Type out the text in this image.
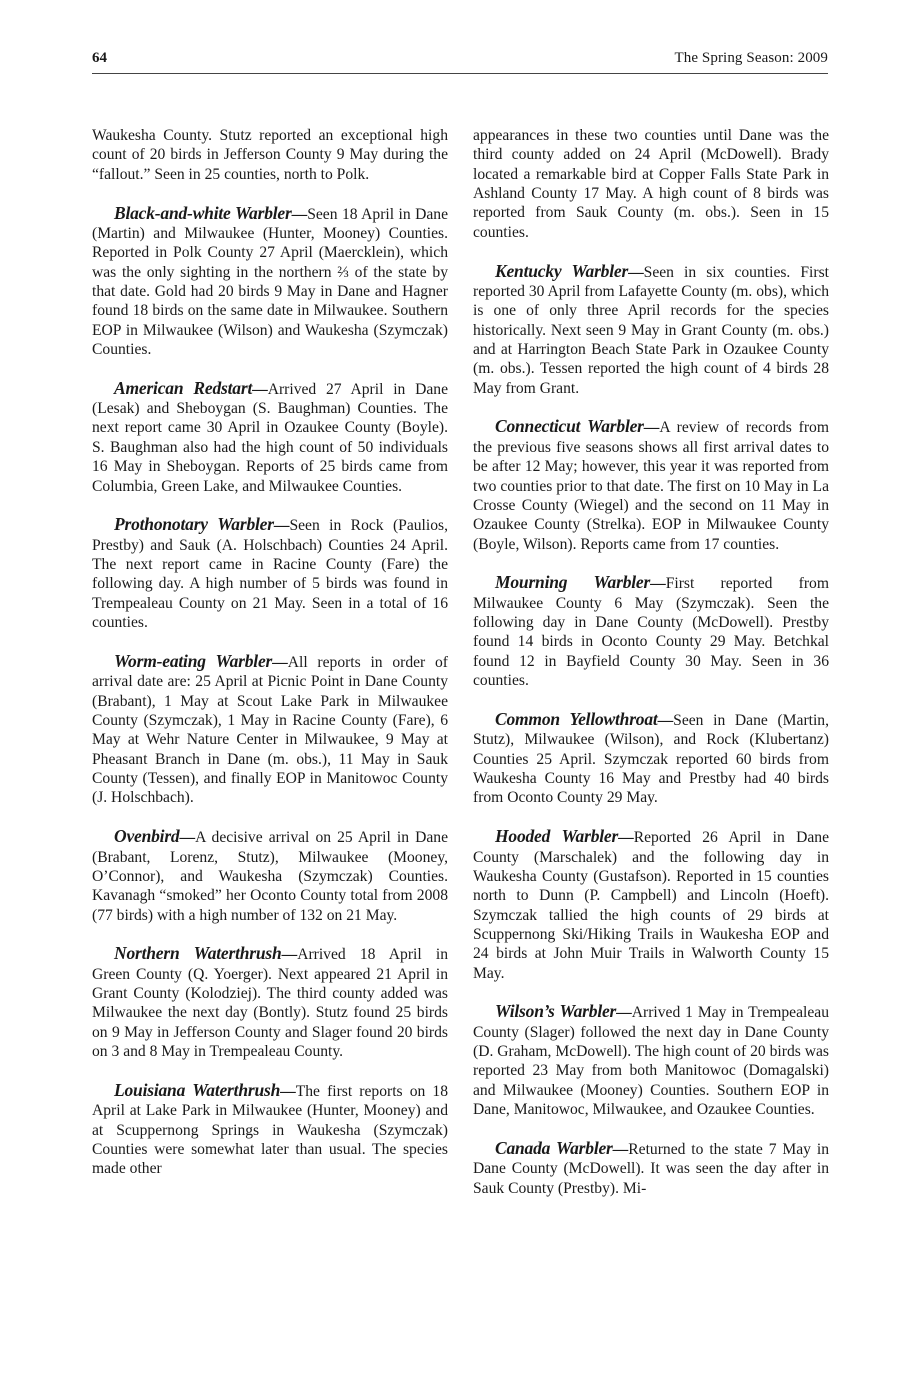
64	The Spring Season: 2009

Waukesha County. Stutz reported an exceptional high count of 20 birds in Jefferson County 9 May during the “fallout.” Seen in 25 counties, north to Polk.

Black-and-white Warbler—Seen 18 April in Dane (Martin) and Milwaukee (Hunter, Mooney) Counties. Reported in Polk County 27 April (Maercklein), which was the only sighting in the northern ⅔ of the state by that date. Gold had 20 birds 9 May in Dane and Hagner found 18 birds on the same date in Milwaukee. Southern EOP in Milwaukee (Wilson) and Waukesha (Szymczak) Counties.

American Redstart—Arrived 27 April in Dane (Lesak) and Sheboygan (S. Baughman) Counties. The next report came 30 April in Ozaukee County (Boyle). S. Baughman also had the high count of 50 individuals 16 May in Sheboygan. Reports of 25 birds came from Columbia, Green Lake, and Milwaukee Counties.

Prothonotary Warbler—Seen in Rock (Paulios, Prestby) and Sauk (A. Holschbach) Counties 24 April. The next report came in Racine County (Fare) the following day. A high number of 5 birds was found in Trempealeau County on 21 May. Seen in a total of 16 counties.

Worm-eating Warbler—All reports in order of arrival date are: 25 April at Picnic Point in Dane County (Brabant), 1 May at Scout Lake Park in Milwaukee County (Szymczak), 1 May in Racine County (Fare), 6 May at Wehr Nature Center in Milwaukee, 9 May at Pheasant Branch in Dane (m. obs.), 11 May in Sauk County (Tessen), and finally EOP in Manitowoc County (J. Holschbach).

Ovenbird—A decisive arrival on 25 April in Dane (Brabant, Lorenz, Stutz), Milwaukee (Mooney, O’Connor), and Waukesha (Szymczak) Counties. Kavanagh “smoked” her Oconto County total from 2008 (77 birds) with a high number of 132 on 21 May.

Northern Waterthrush—Arrived 18 April in Green County (Q. Yoerger). Next appeared 21 April in Grant County (Kolodziej). The third county added was Milwaukee the next day (Bontly). Stutz found 25 birds on 9 May in Jefferson County and Slager found 20 birds on 3 and 8 May in Trempealeau County.

Louisiana Waterthrush—The first reports on 18 April at Lake Park in Milwaukee (Hunter, Mooney) and at Scuppernong Springs in Waukesha (Szymczak) Counties were somewhat later than usual. The species made other

appearances in these two counties until Dane was the third county added on 24 April (McDowell). Brady located a remarkable bird at Copper Falls State Park in Ashland County 17 May. A high count of 8 birds was reported from Sauk County (m. obs.). Seen in 15 counties.

Kentucky Warbler—Seen in six counties. First reported 30 April from Lafayette County (m. obs), which is one of only three April records for the species historically. Next seen 9 May in Grant County (m. obs.) and at Harrington Beach State Park in Ozaukee County (m. obs.). Tessen reported the high count of 4 birds 28 May from Grant.

Connecticut Warbler—A review of records from the previous five seasons shows all first arrival dates to be after 12 May; however, this year it was reported from two counties prior to that date. The first on 10 May in La Crosse County (Wiegel) and the second on 11 May in Ozaukee County (Strelka). EOP in Milwaukee County (Boyle, Wilson). Reports came from 17 counties.

Mourning Warbler—First reported from Milwaukee County 6 May (Szymczak). Seen the following day in Dane County (McDowell). Prestby found 14 birds in Oconto County 29 May. Betchkal found 12 in Bayfield County 30 May. Seen in 36 counties.

Common Yellowthroat—Seen in Dane (Martin, Stutz), Milwaukee (Wilson), and Rock (Klubertanz) Counties 25 April. Szymczak reported 60 birds from Waukesha County 16 May and Prestby had 40 birds from Oconto County 29 May.

Hooded Warbler—Reported 26 April in Dane County (Marschalek) and the following day in Waukesha County (Gustafson). Reported in 15 counties north to Dunn (P. Campbell) and Lincoln (Hoeft). Szymczak tallied the high counts of 29 birds at Scuppernong Ski/Hiking Trails in Waukesha EOP and 24 birds at John Muir Trails in Walworth County 15 May.

Wilson’s Warbler—Arrived 1 May in Trempealeau County (Slager) followed the next day in Dane County (D. Graham, McDowell). The high count of 20 birds was reported 23 May from both Manitowoc (Domagalski) and Milwaukee (Mooney) Counties. Southern EOP in Dane, Manitowoc, Milwaukee, and Ozaukee Counties.

Canada Warbler—Returned to the state 7 May in Dane County (McDowell). It was seen the day after in Sauk County (Prestby). Mi-
